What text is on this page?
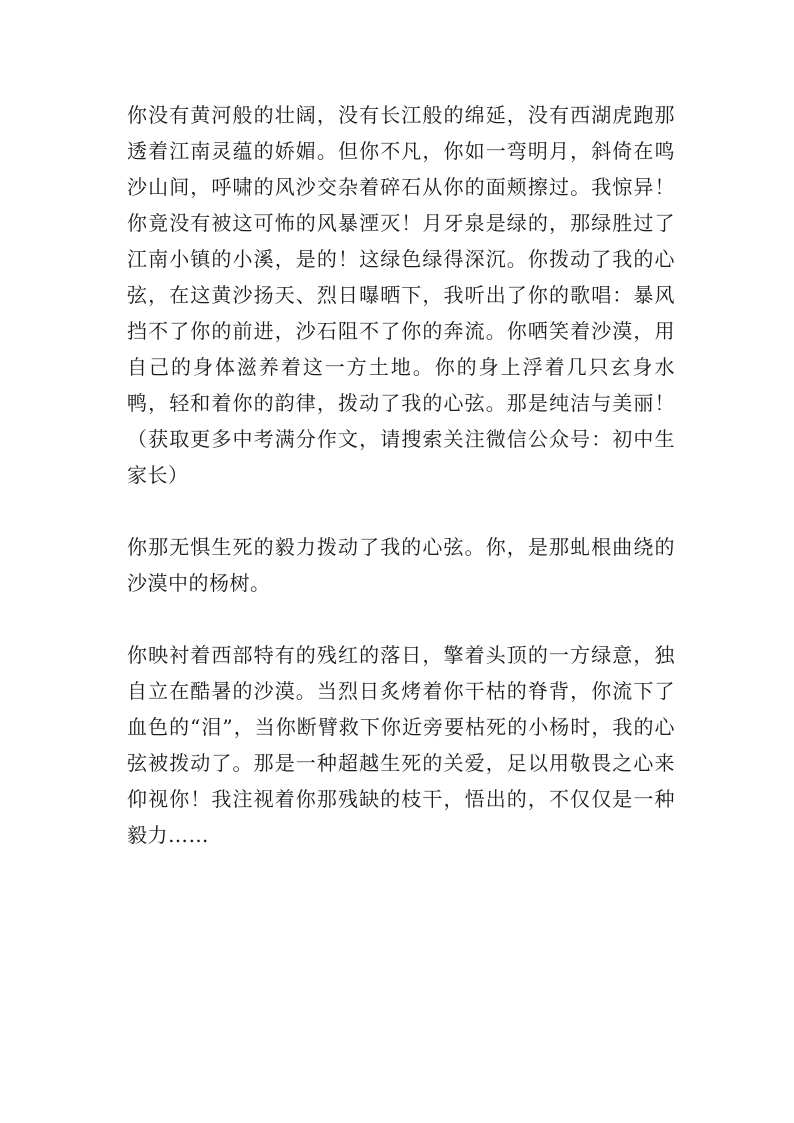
你没有黄河般的壮阔，没有长江般的绵延，没有西湖虎跑那透着江南灵蕴的娇媚。但你不凡，你如一弯明月，斜倚在鸣沙山间，呼啸的风沙交杂着碎石从你的面颊擦过。我惊异！你竟没有被这可怖的风暴湮灭！月牙泉是绿的，那绿胜过了江南小镇的小溪，是的！这绿色绿得深沉。你拨动了我的心弦，在这黄沙扬天、烈日曝晒下，我听出了你的歌唱：暴风挡不了你的前进，沙石阻不了你的奔流。你哂笑着沙漠，用自己的身体滋养着这一方土地。你的身上浮着几只玄身水鸭，轻和着你的韵律，拨动了我的心弦。那是纯洁与美丽！（获取更多中考满分作文，请搜索关注微信公众号：初中生家长）

你那无惧生死的毅力拨动了我的心弦。你，是那虬根曲绕的沙漠中的杨树。

你映衬着西部特有的残红的落日，擎着头顶的一方绿意，独自立在酷暑的沙漠。当烈日炙烤着你干枯的脊背，你流下了血色的“泪”，当你断臂救下你近旁要枯死的小杨时，我的心弦被拨动了。那是一种超越生死的关爱，足以用敬畏之心来仰视你！我注视着你那残缺的枝干，悟出的，不仅仅是一种毅力……
